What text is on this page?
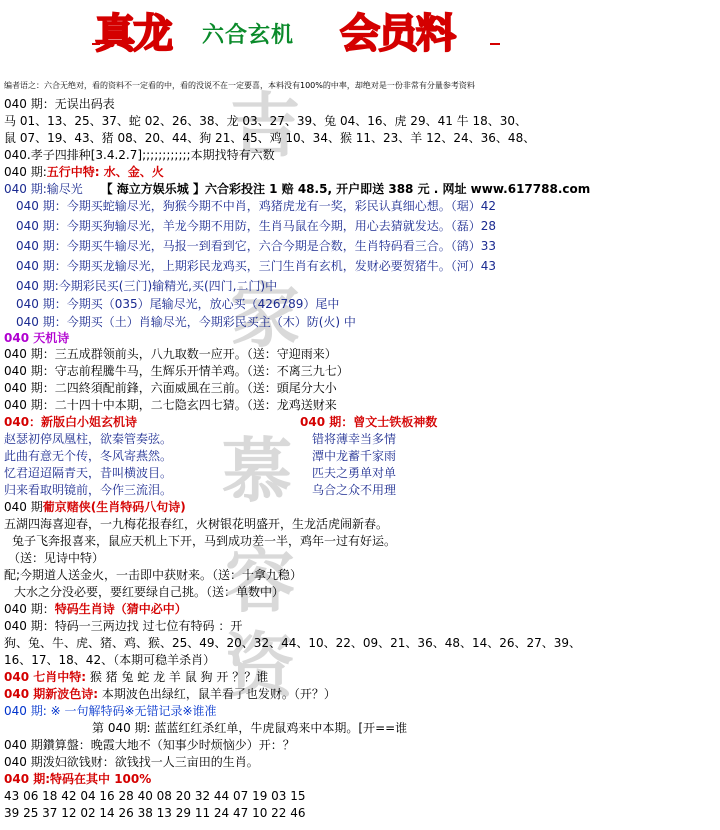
吉
家
慕
容
资
真龙 六合玄机 会员料
编者语之：六合无绝对，看的资料不一定看的中，看的没说不在一定要喜，本料没有100%的中率，却绝对是一份非常有分量参考资料
040 期：无误出码表
马 01、13、25、37、蛇 02、26、38、龙 03、27、39、兔 04、16、虎 29、41 牛 18、30、
鼠 07、19、43、猪 08、20、44、狗 21、45、鸡 10、34、猴 11、23、羊 12、24、36、48、
040.孝子四排种[3.4.2.7];;;;;;;;;;;;本期找特有六数
040 期:五行中特: 水、金、火
040 期:输尽光 【 海立方娱乐城 】六合彩投注 1 赔 48.5, 开户即送 388 元 . 网址 www.617788.com
040 期：今期买蛇输尽光，狗猴今期不中肖，鸡猪虎龙有一奖，彩民认真细心想。（琚）42
040 期：今期买狗输尽光，羊龙今期不用防，生肖马鼠在今期，用心去猜就发达。（磊）28
040 期：今期买牛输尽光，马报一到看到它，六合今期是合数，生肖特码看三合。（鹆）33
040 期：今期买龙输尽光，上期彩民龙鸡买，三门生肖有玄机，发财必要贺猪牛。（河）43
040 期:今期彩民买(三门)输精光,买(四门,二门)中
040 期：今期买（035）尾输尽光，放心买（426789）尾中
040 期：今期买（土）肖输尽光，今期彩民买主（木）防(火) 中
040 天机诗
040 期：三五成群领前头，八九取数一应开。（送：守迎雨来）
040 期：守志前程騰牛马，生辉乐开情羊鸡。（送：不离三九七）
040 期：二四終須配前鋒，六面威風在三前。（送：頭尾分大小
040 期：二十四十中本期，二七隐玄四七猜。（送：龙鸡送财来
040：新版白小姐玄机诗	040 期：曾文士铁板神数
赵瑟初停凤凰柱，欲秦管奏弦。	错将薄幸当多情
此曲有意无个传，冬风寄燕然。	潭中龙蓄千家雨
忆君迢迢隔青天，昔叫横波目。	匹夫之勇单对单
归来看取明镜前，今作三流泪。	乌合之众不用理
040 期葡京赌侠(生肖特码八句诗)
五湖四海喜迎春，一九梅花报春红，火树银花明盛开，生龙活虎闹新春。
兔子飞奔报喜来，鼠应天机上下开，马到成功差一半，鸡年一过有好运。
（送：见诗中特）
配;今期道人送金火，一击即中获财来。（送：十拿九稳）
大水之分没必要，要红要绿自己挑。（送：单数中）
040 期：特码生肖诗（猜中必中）
040 期：特码一三两边找 过七位有特码 ：开
狗、兔、牛、虎、猪、鸡、猴、25、49、20、32、44、10、22、09、21、36、48、14、26、27、39、
16、17、18、42、（本期可稳羊杀肖）
040 七肖中特: 猴 猪 兔 蛇 龙 羊 鼠 狗 开 ？？谁
040 期新波色诗: 本期波色出绿红，鼠羊看了也发财。（开？）
040 期: ※ 一句解特码※无错记录※谁准
第 040 期: 蓝蓝红红杀红单，牛虎鼠鸡来中本期。[开==谁
040 期鑽算盤：晚霞大地不（知事少时烦恼少）开：？
040 期泼妇欲钱财：欲钱找一人三亩田的生肖。
040 期:特码在其中 100%
43 06 18 42 04 16 28 40 08 20 32 44 07 19 03 15
39 25 37 12 02 14 26 38 13 29 11 24 47 10 22 46
